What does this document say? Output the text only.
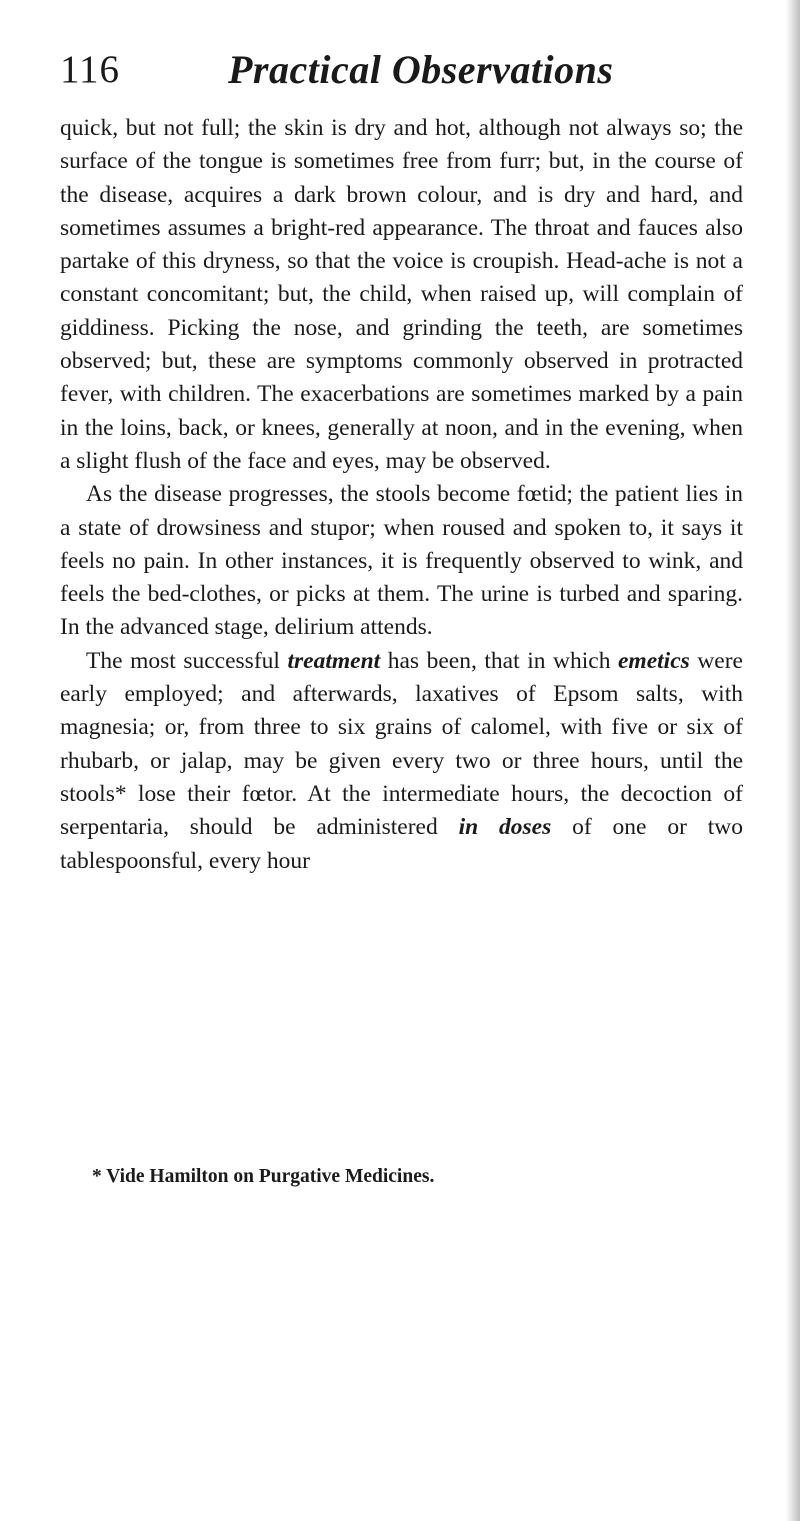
116	Practical Observations

quick, but not full; the skin is dry and hot, although not always so; the surface of the tongue is sometimes free from furr; but, in the course of the disease, acquires a dark brown colour, and is dry and hard, and sometimes assumes a bright-red appearance. The throat and fauces also partake of this dryness, so that the voice is croupish. Head-ache is not a constant concomitant; but, the child, when raised up, will complain of giddiness. Picking the nose, and grinding the teeth, are sometimes observed; but, these are symptoms commonly observed in protracted fever, with children. The exacerbations are sometimes marked by a pain in the loins, back, or knees, generally at noon, and in the evening, when a slight flush of the face and eyes, may be observed.

As the disease progresses, the stools become fœtid; the patient lies in a state of drowsiness and stupor; when roused and spoken to, it says it feels no pain. In other instances, it is frequently observed to wink, and feels the bed-clothes, or picks at them. The urine is turbed and sparing. In the advanced stage, delirium attends.

The most successful treatment has been, that in which emetics were early employed; and afterwards, laxatives of Epsom salts, with magnesia; or, from three to six grains of calomel, with five or six of rhubarb, or jalap, may be given every two or three hours, until the stools* lose their fœtor. At the intermediate hours, the decoction of serpentaria, should be administered in doses of one or two tablespoonsful, every hour

* Vide Hamilton on Purgative Medicines.
